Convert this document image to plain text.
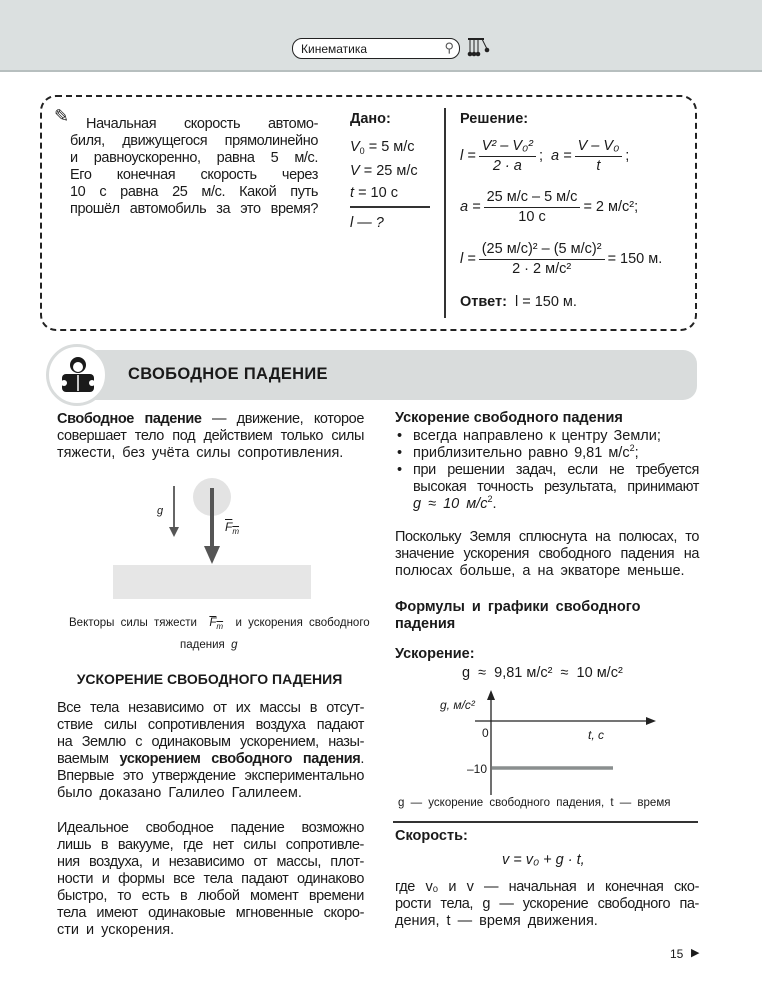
Кинематика	⚲
✎ Начальная скорость автомо-
биля, движущегося прямолинейно
и равноускоренно, равна 5 м/с.
Его конечная скорость через
10 с равна 25 м/с. Какой путь
прошёл автомобиль за это время?
Дано:
$V_0 = 5$ м/с
V = 25 м/с
t = 10 с
l — ?
Решение:
$l = \frac{\text{V² – V₀²}}{2 \cdot a}$ ;
$a = \frac{\text{V – V₀}}{t}$ ;
$a = \frac{25 м/с - 5 м/с}{10 с} = 2$ м/с²;
$l = \frac{\text{(25 м/с)² – (5 м/с)²}}{\text{2 · 2 м/с²}} = 150$ м.
Ответ: l = 150 м.
СВОБОДНОЕ ПАДЕНИЕ
Свободное падение — движение, которое
совершает тело под действием только силы
тяжести, без учёта силы сопротивления.
g
$F_т$
Векторы силы тяжести $F_т$ и ускорения свободного
падения g
УСКОРЕНИЕ СВОБОДНОГО ПАДЕНИЯ
Все тела независимо от их массы в отсут-
ствие силы сопротивления воздуха падают
на Землю с одинаковым ускорением, назы-
ваемым ускорением свободного падения.
Впервые это утверждение экспериментально
было доказано Галилео Галилеем.
Идеальное свободное падение возможно
лишь в вакууме, где нет силы сопротивле-
ния воздуха, и независимо от массы, плот-
ности и формы все тела падают одинаково
быстро, то есть в любой момент времени
тела имеют одинаковые мгновенные скоро-
сти и ускорения.
Ускорение свободного падения
• всегда направлено к центру Земли;
• приблизительно равно 9,81 $м/с^2$;
• при решении задач, если не требуется
высокая точность результата, принимают
g ≈ 10 $м/с^2$.
Поскольку Земля сплюснута на полюсах, то
значение ускорения свободного падения на
полюсах больше, а на экваторе меньше.
Формулы и графики свободного
падения
Ускорение:
g  ≈  9,81 м/с²  ≈  10 м/с²
g, м/с²
0	t, с
–10
g — ускорение свободного падения, t — время
Скорость:
v = v₀ + g · t,
где v₀ и v — начальная и конечная ско-
рости тела, g — ускорение свободного па-
дения, t — время движения.
15 ▶
